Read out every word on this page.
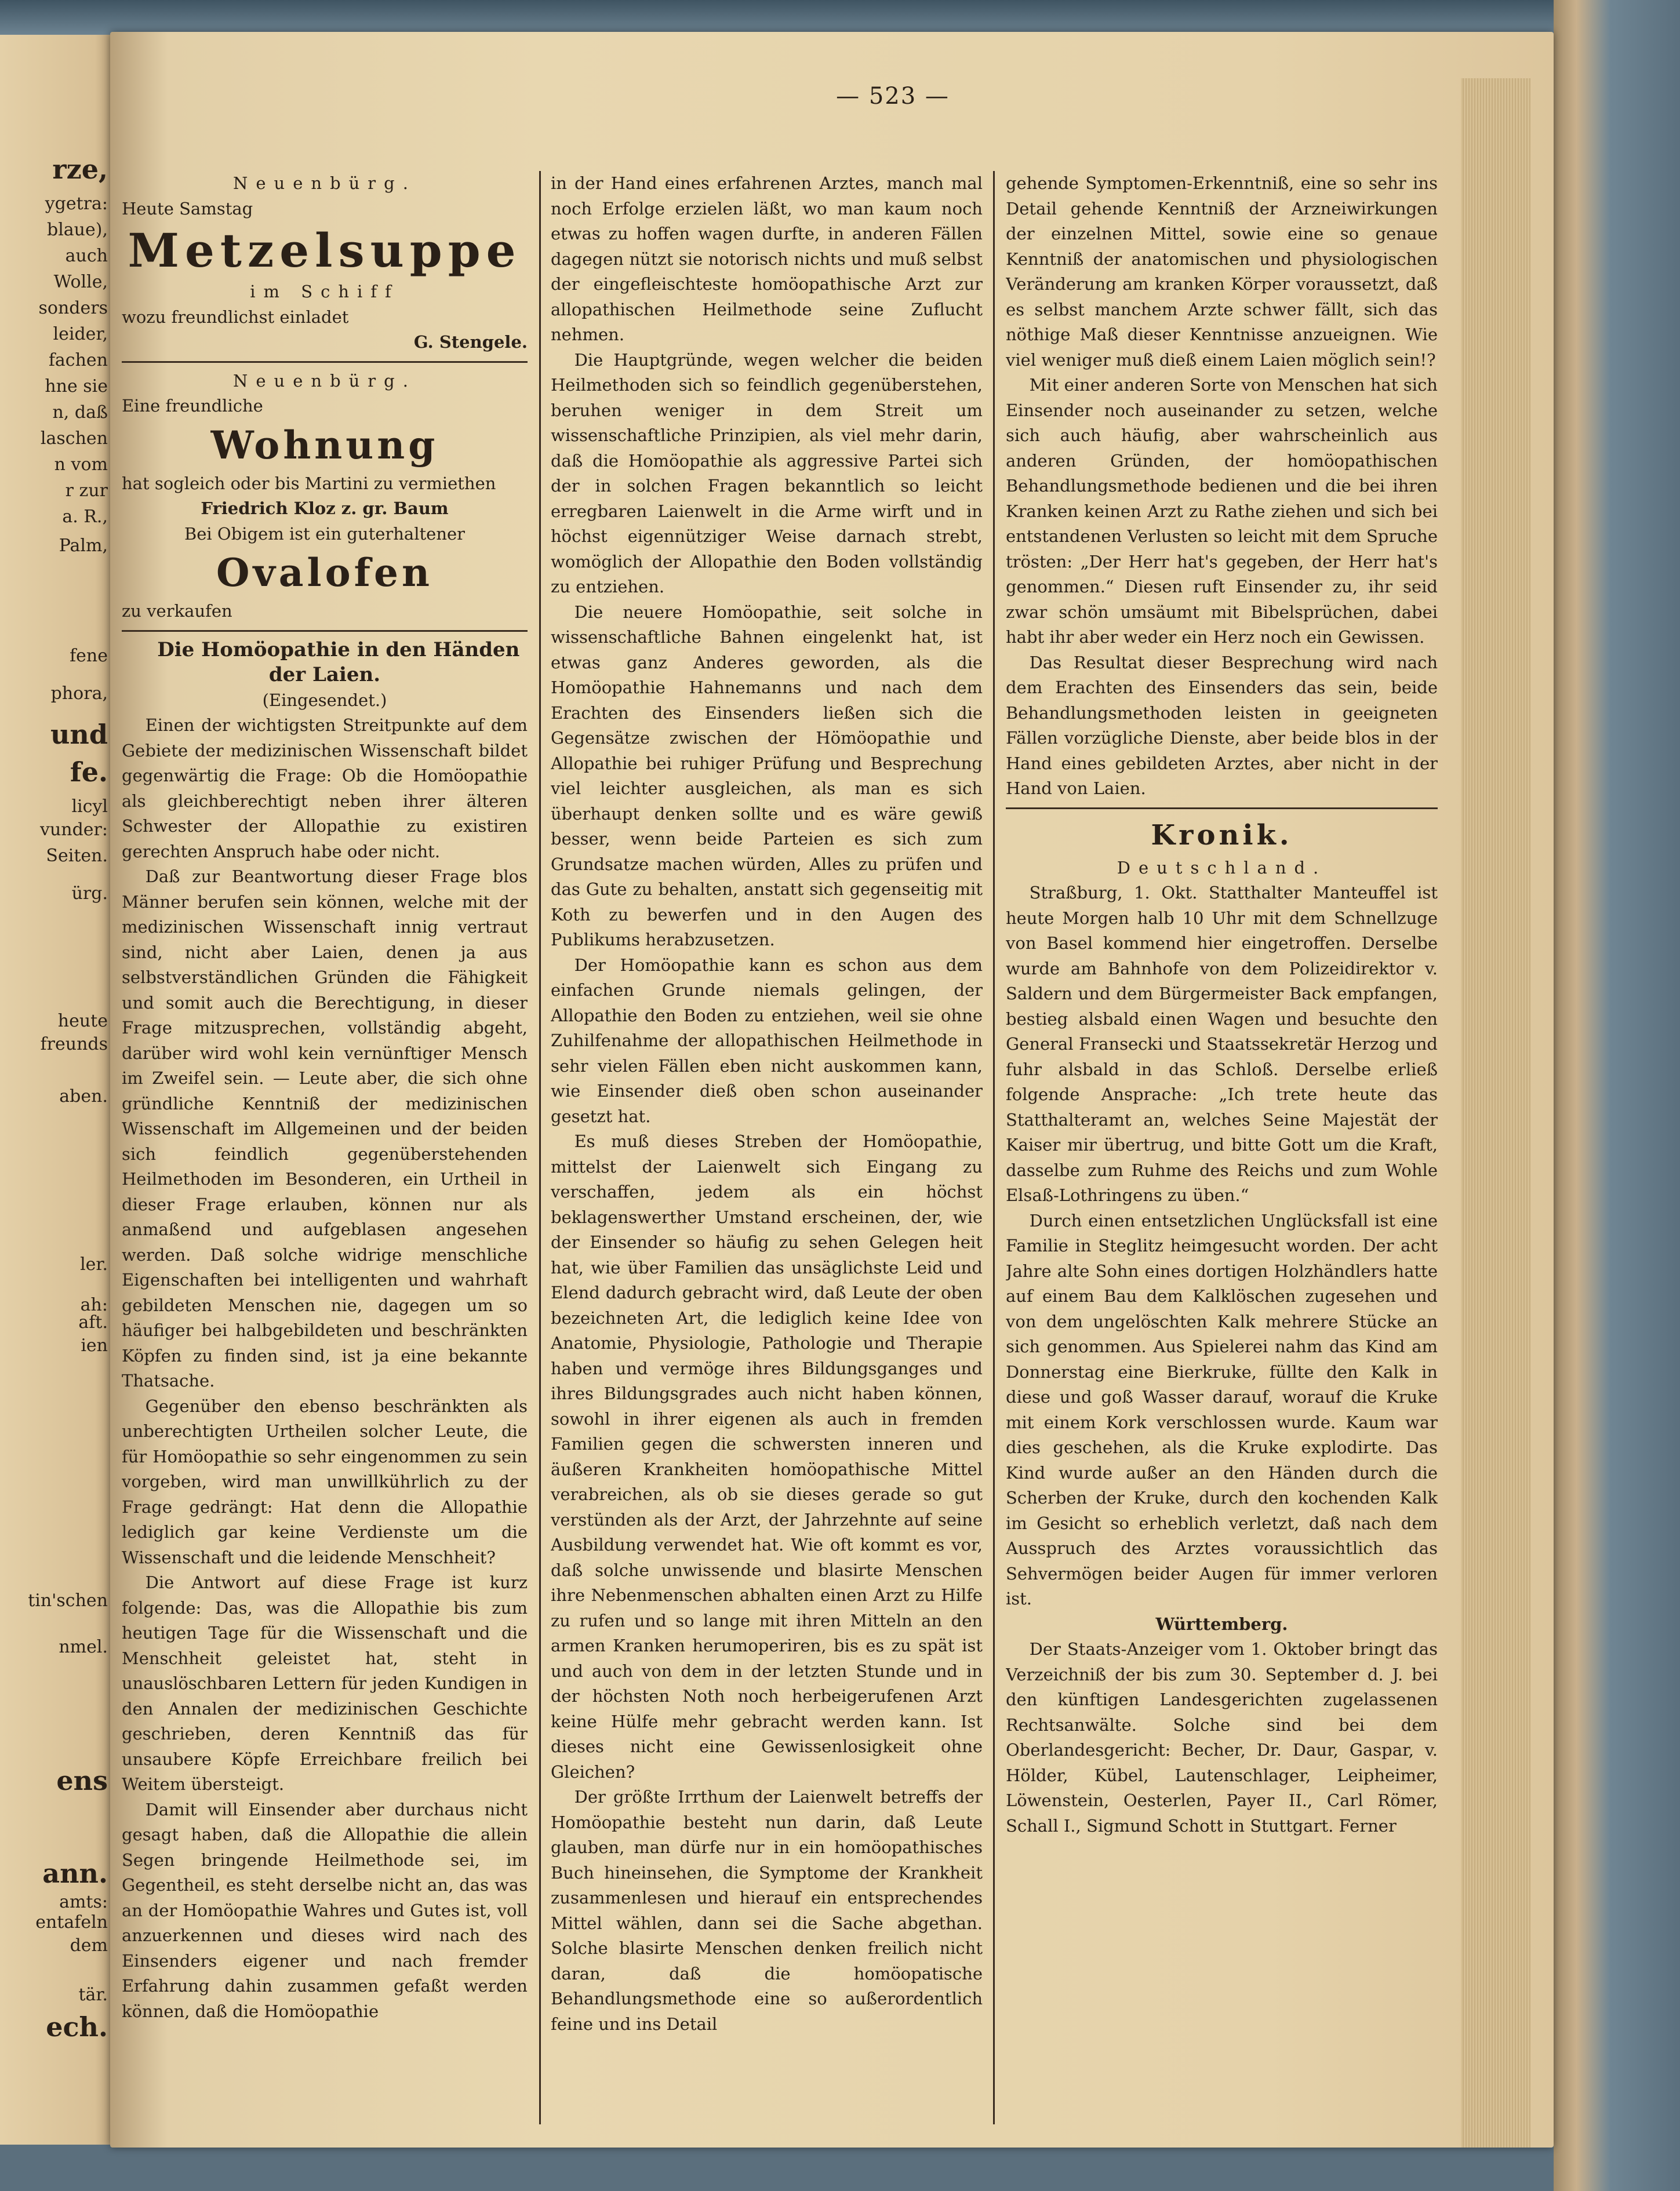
rze,
ygetra:
blaue),
auch
Wolle,
sonders
leider,
fachen
hne sie
n, daß
laschen
n vom
r zur
a. R.,
Palm,
fene
phora,
und
fe.
licyl
vunder:
Seiten.
ürg.
heute
freunds
aben.
ler.
ah:
aft.
ien
tin'schen
nmel.
ens
ann.
amts:
entafeln
dem
tär.
ech.
— 523 —

Neuenbürg.

Heute Samstag

Metzelsuppe

im Schiff

wozu freundlichst einladet

G. Stengele.

Neuenbürg.

Eine freundliche

Wohnung

hat sogleich oder bis Martini zu vermiethen

Friedrich Kloz z. gr. Baum

Bei Obigem ist ein guterhaltener

Ovalofen

zu verkaufen

Die Homöopathie in den Händen der Laien.

(Eingesendet.)

Einen der wichtigsten Streitpunkte auf dem Gebiete der medizinischen Wissenschaft bildet gegenwärtig die Frage: Ob die Homöopathie als gleichberechtigt neben ihrer älteren Schwester der Allopathie zu existiren gerechten Anspruch habe oder nicht.

Daß zur Beantwortung dieser Frage blos Männer berufen sein können, welche mit der medizinischen Wissenschaft innig vertraut sind, nicht aber Laien, denen ja aus selbstverständlichen Gründen die Fähigkeit und somit auch die Berechtigung, in dieser Frage mitzusprechen, vollständig abgeht, darüber wird wohl kein vernünftiger Mensch im Zweifel sein. — Leute aber, die sich ohne gründliche Kenntniß der medizinischen Wissenschaft im Allgemeinen und der beiden sich feindlich gegenüberstehenden Heilmethoden im Besonderen, ein Urtheil in dieser Frage erlauben, können nur als anmaßend und aufgeblasen angesehen werden. Daß solche widrige menschliche Eigenschaften bei intelligenten und wahrhaft gebildeten Menschen nie, dagegen um so häufiger bei halbgebildeten und beschränkten Köpfen zu finden sind, ist ja eine bekannte Thatsache.

Gegenüber den ebenso beschränkten als unberechtigten Urtheilen solcher Leute, die für Homöopathie so sehr eingenommen zu sein vorgeben, wird man unwillkührlich zu der Frage gedrängt: Hat denn die Allopathie lediglich gar keine Verdienste um die Wissenschaft und die leidende Menschheit?

Die Antwort auf diese Frage ist kurz folgende: Das, was die Allopathie bis zum heutigen Tage für die Wissenschaft und die Menschheit geleistet hat, steht in unauslöschbaren Lettern für jeden Kundigen in den Annalen der medizinischen Geschichte geschrieben, deren Kenntniß das für unsaubere Köpfe Erreichbare freilich bei Weitem übersteigt.

Damit will Einsender aber durchaus nicht gesagt haben, daß die Allopathie die allein Segen bringende Heilmethode sei, im Gegentheil, es steht derselbe nicht an, das was an der Homöopathie Wahres und Gutes ist, voll anzuerkennen und dieses wird nach des Einsenders eigener und nach fremder Erfahrung dahin zusammen gefaßt werden können, daß die Homöopathie

in der Hand eines erfahrenen Arztes, manch mal noch Erfolge erzielen läßt, wo man kaum noch etwas zu hoffen wagen durfte, in anderen Fällen dagegen nützt sie notorisch nichts und muß selbst der eingefleischteste homöopathische Arzt zur allopathischen Heilmethode seine Zuflucht nehmen.

Die Hauptgründe, wegen welcher die beiden Heilmethoden sich so feindlich gegenüberstehen, beruhen weniger in dem Streit um wissenschaftliche Prinzipien, als viel mehr darin, daß die Homöopathie als aggressive Partei sich der in solchen Fragen bekanntlich so leicht erregbaren Laienwelt in die Arme wirft und in höchst eigennütziger Weise darnach strebt, womöglich der Allopathie den Boden vollständig zu entziehen.

Die neuere Homöopathie, seit solche in wissenschaftliche Bahnen eingelenkt hat, ist etwas ganz Anderes geworden, als die Homöopathie Hahnemanns und nach dem Erachten des Einsenders ließen sich die Gegensätze zwischen der Hömöopathie und Allopathie bei ruhiger Prüfung und Besprechung viel leichter ausgleichen, als man es sich überhaupt denken sollte und es wäre gewiß besser, wenn beide Parteien es sich zum Grundsatze machen würden, Alles zu prüfen und das Gute zu behalten, anstatt sich gegenseitig mit Koth zu bewerfen und in den Augen des Publikums herabzusetzen.

Der Homöopathie kann es schon aus dem einfachen Grunde niemals gelingen, der Allopathie den Boden zu entziehen, weil sie ohne Zuhilfenahme der allopathischen Heilmethode in sehr vielen Fällen eben nicht auskommen kann, wie Einsender dieß oben schon auseinander gesetzt hat.

Es muß dieses Streben der Homöopathie, mittelst der Laienwelt sich Eingang zu verschaffen, jedem als ein höchst beklagenswerther Umstand erscheinen, der, wie der Einsender so häufig zu sehen Gelegen heit hat, wie über Familien das unsäglichste Leid und Elend dadurch gebracht wird, daß Leute der oben bezeichneten Art, die lediglich keine Idee von Anatomie, Physiologie, Pathologie und Therapie haben und vermöge ihres Bildungsganges und ihres Bildungsgrades auch nicht haben können, sowohl in ihrer eigenen als auch in fremden Familien gegen die schwersten inneren und äußeren Krankheiten homöopathische Mittel verabreichen, als ob sie dieses gerade so gut verstünden als der Arzt, der Jahrzehnte auf seine Ausbildung verwendet hat. Wie oft kommt es vor, daß solche unwissende und blasirte Menschen ihre Nebenmenschen abhalten einen Arzt zu Hilfe zu rufen und so lange mit ihren Mitteln an den armen Kranken herumoperiren, bis es zu spät ist und auch von dem in der letzten Stunde und in der höchsten Noth noch herbeigerufenen Arzt keine Hülfe mehr gebracht werden kann. Ist dieses nicht eine Gewissenlosigkeit ohne Gleichen?

Der größte Irrthum der Laienwelt betreffs der Homöopathie besteht nun darin, daß Leute glauben, man dürfe nur in ein homöopathisches Buch hineinsehen, die Symptome der Krankheit zusammenlesen und hierauf ein entsprechendes Mittel wählen, dann sei die Sache abgethan. Solche blasirte Menschen denken freilich nicht daran, daß die homöopatische Behandlungsmethode eine so außerordentlich feine und ins Detail

gehende Symptomen-Erkenntniß, eine so sehr ins Detail gehende Kenntniß der Arzneiwirkungen der einzelnen Mittel, sowie eine so genaue Kenntniß der anatomischen und physiologischen Veränderung am kranken Körper voraussetzt, daß es selbst manchem Arzte schwer fällt, sich das nöthige Maß dieser Kenntnisse anzueignen. Wie viel weniger muß dieß einem Laien möglich sein!?

Mit einer anderen Sorte von Menschen hat sich Einsender noch auseinander zu setzen, welche sich auch häufig, aber wahrscheinlich aus anderen Gründen, der homöopathischen Behandlungsmethode bedienen und die bei ihren Kranken keinen Arzt zu Rathe ziehen und sich bei entstandenen Verlusten so leicht mit dem Spruche trösten: „Der Herr hat's gegeben, der Herr hat's genommen.“ Diesen ruft Einsender zu, ihr seid zwar schön umsäumt mit Bibelsprüchen, dabei habt ihr aber weder ein Herz noch ein Gewissen.

Das Resultat dieser Besprechung wird nach dem Erachten des Einsenders das sein, beide Behandlungsmethoden leisten in geeigneten Fällen vorzügliche Dienste, aber beide blos in der Hand eines gebildeten Arztes, aber nicht in der Hand von Laien.

Kronik.

Deutschland.

Straßburg, 1. Okt. Statthalter Manteuffel ist heute Morgen halb 10 Uhr mit dem Schnellzuge von Basel kommend hier eingetroffen. Derselbe wurde am Bahnhofe von dem Polizeidirektor v. Saldern und dem Bürgermeister Back empfangen, bestieg alsbald einen Wagen und besuchte den General Fransecki und Staatssekretär Herzog und fuhr alsbald in das Schloß. Derselbe erließ folgende Ansprache: „Ich trete heute das Statthalteramt an, welches Seine Majestät der Kaiser mir übertrug, und bitte Gott um die Kraft, dasselbe zum Ruhme des Reichs und zum Wohle Elsaß-Lothringens zu üben.“

Durch einen entsetzlichen Unglücksfall ist eine Familie in Steglitz heimgesucht worden. Der acht Jahre alte Sohn eines dortigen Holzhändlers hatte auf einem Bau dem Kalklöschen zugesehen und von dem ungelöschten Kalk mehrere Stücke an sich genommen. Aus Spielerei nahm das Kind am Donnerstag eine Bierkruke, füllte den Kalk in diese und goß Wasser darauf, worauf die Kruke mit einem Kork verschlossen wurde. Kaum war dies geschehen, als die Kruke explodirte. Das Kind wurde außer an den Händen durch die Scherben der Kruke, durch den kochenden Kalk im Gesicht so erheblich verletzt, daß nach dem Ausspruch des Arztes voraussichtlich das Sehvermögen beider Augen für immer verloren ist.

Württemberg.

Der Staats-Anzeiger vom 1. Oktober bringt das Verzeichniß der bis zum 30. September d. J. bei den künftigen Landesgerichten zugelassenen Rechtsanwälte. Solche sind bei dem Oberlandesgericht: Becher, Dr. Daur, Gaspar, v. Hölder, Kübel, Lautenschlager, Leipheimer, Löwenstein, Oesterlen, Payer II., Carl Römer, Schall I., Sigmund Schott in Stuttgart. Ferner
